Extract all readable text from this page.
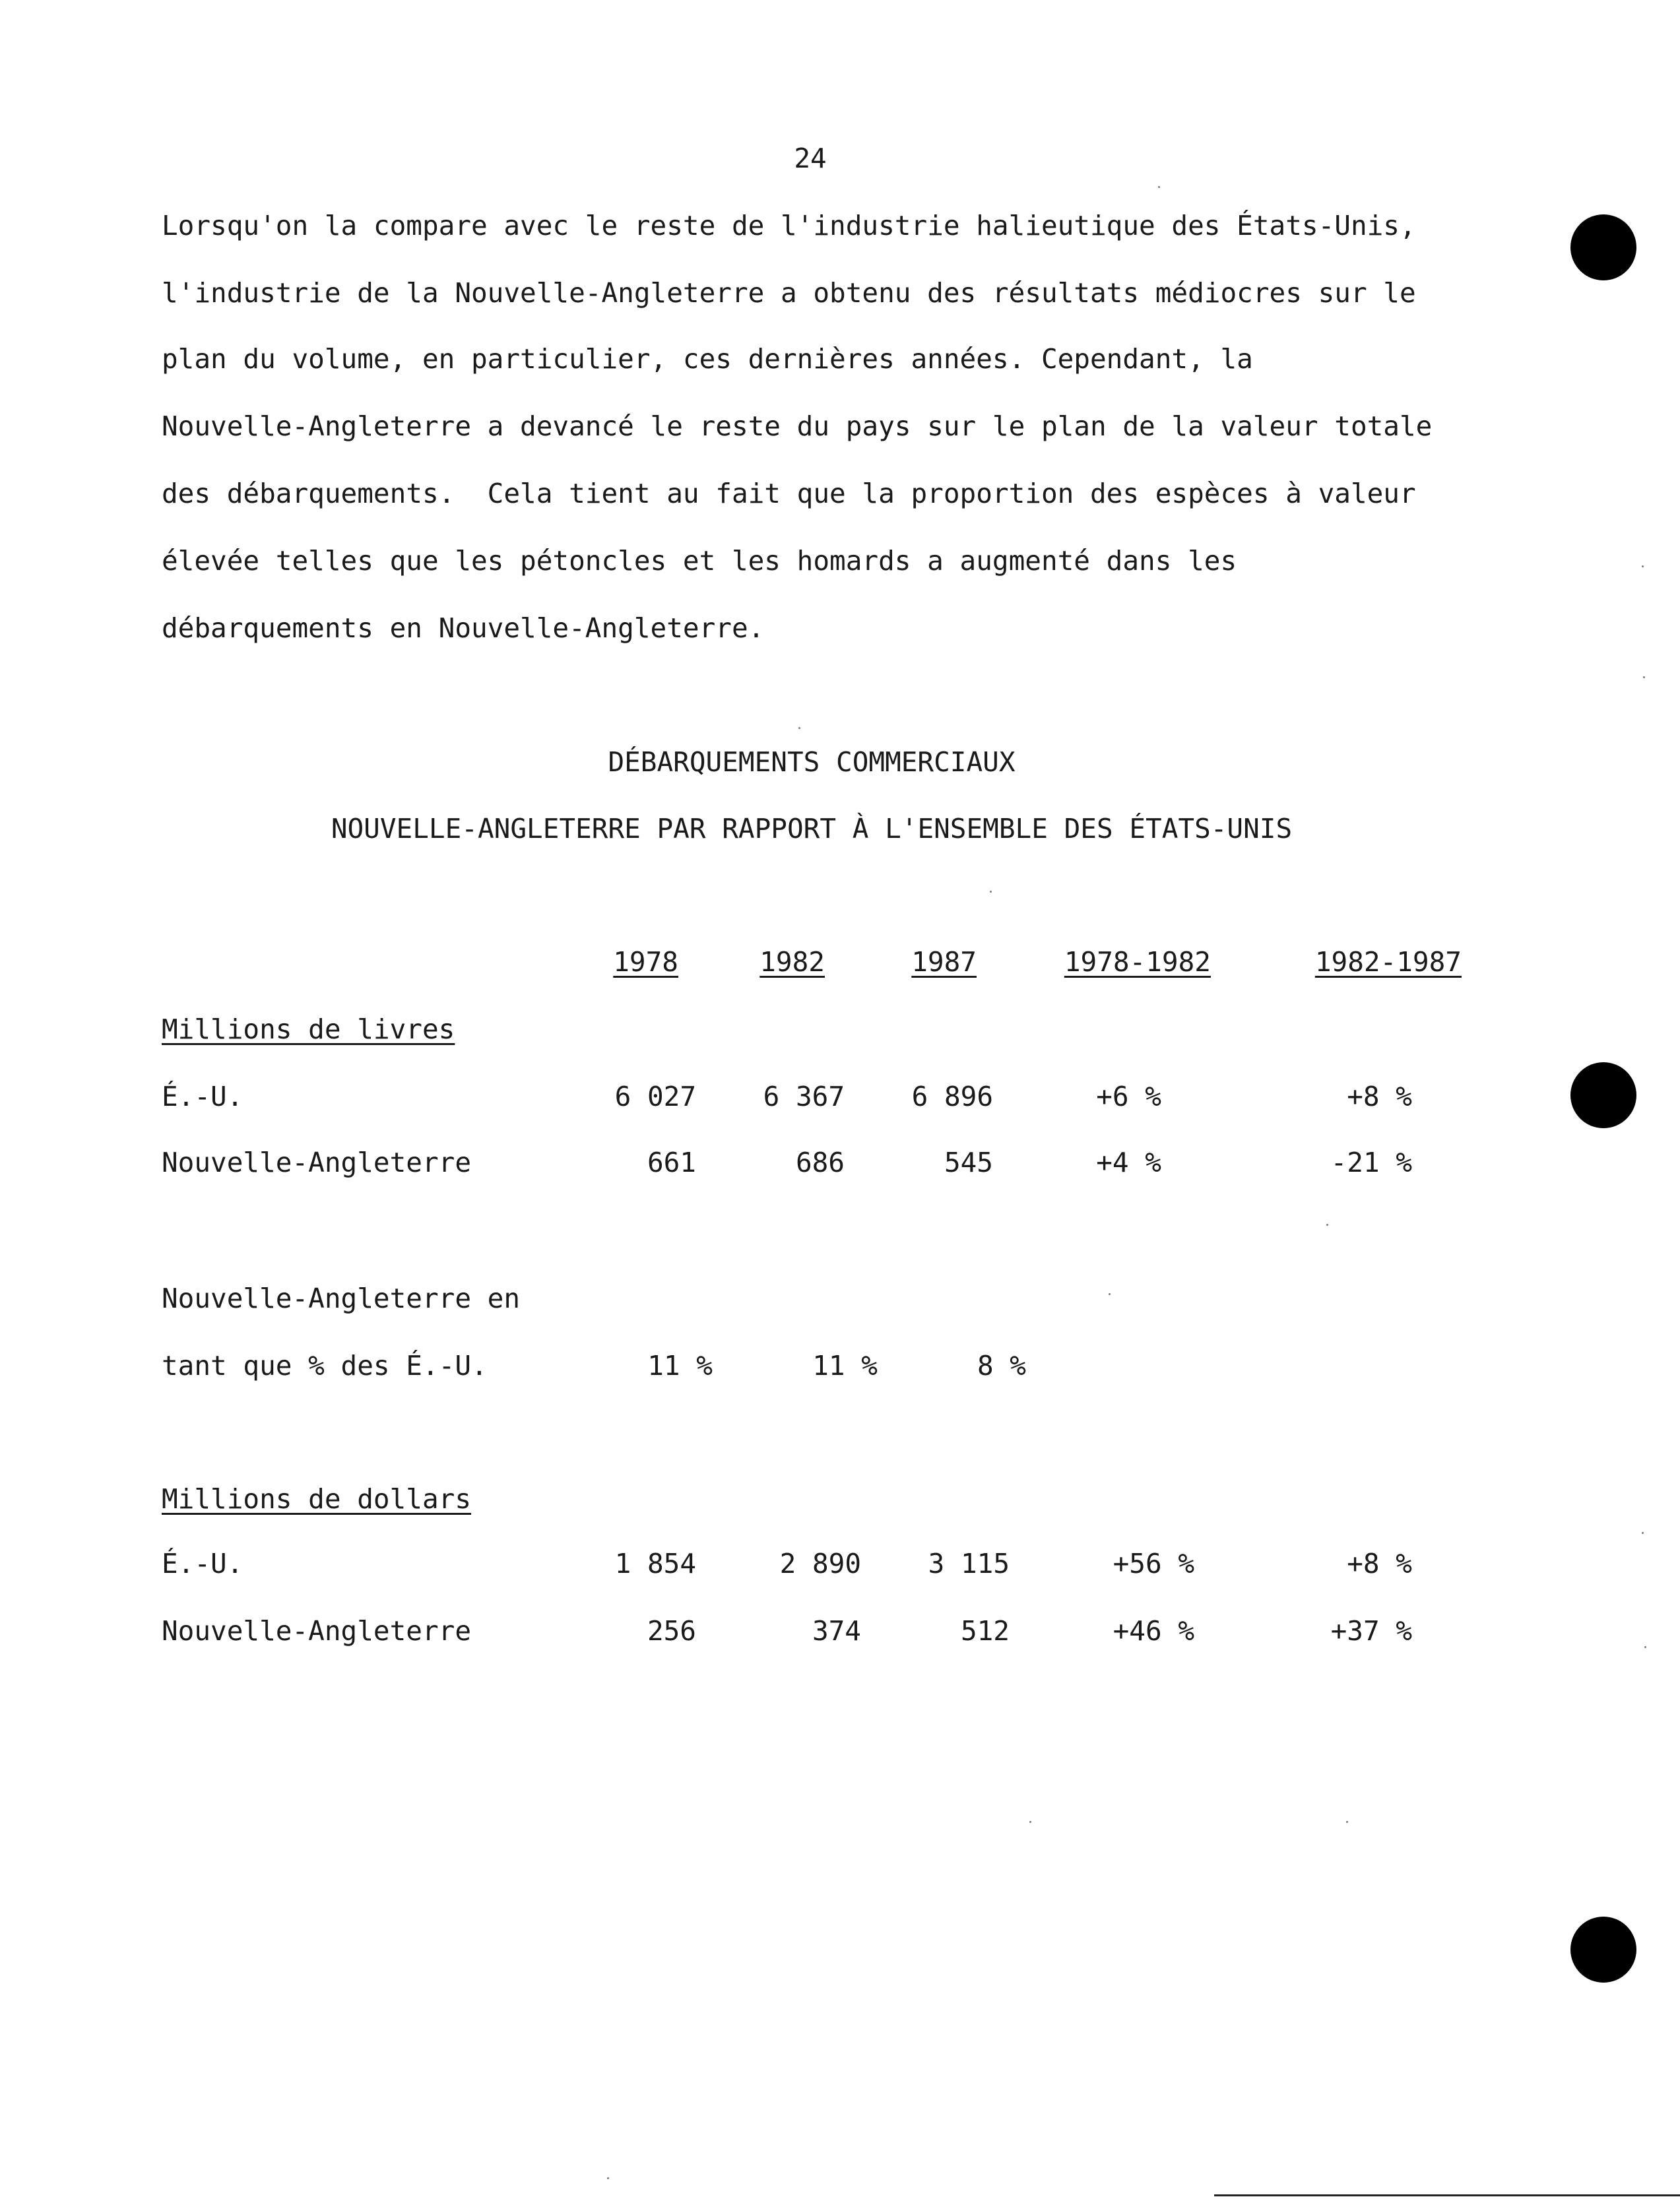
24
Lorsqu'on la compare avec le reste de l'industrie halieutique des États-Unis,
l'industrie de la Nouvelle-Angleterre a obtenu des résultats médiocres sur le
plan du volume, en particulier, ces dernières années. Cependant, la
Nouvelle-Angleterre a devancé le reste du pays sur le plan de la valeur totale
des débarquements.  Cela tient au fait que la proportion des espèces à valeur
élevée telles que les pétoncles et les homards a augmenté dans les
débarquements en Nouvelle-Angleterre.
DÉBARQUEMENTS COMMERCIAUX
NOUVELLE-ANGLETERRE PAR RAPPORT À L'ENSEMBLE DES ÉTATS-UNIS
1978	1982	1987	1978-1982	1982-1987
Millions de livres
É.-U.	6 027	6 367	6 896	+6 %	+8 %
Nouvelle-Angleterre	661	686	545	+4 %	-21 %
Nouvelle-Angleterre en
tant que % des É.-U.	11 %	11 %	8 %
Millions de dollars
É.-U.	1 854	2 890	3 115	+56 %	+8 %
Nouvelle-Angleterre	256	374	512	+46 %	+37 %
